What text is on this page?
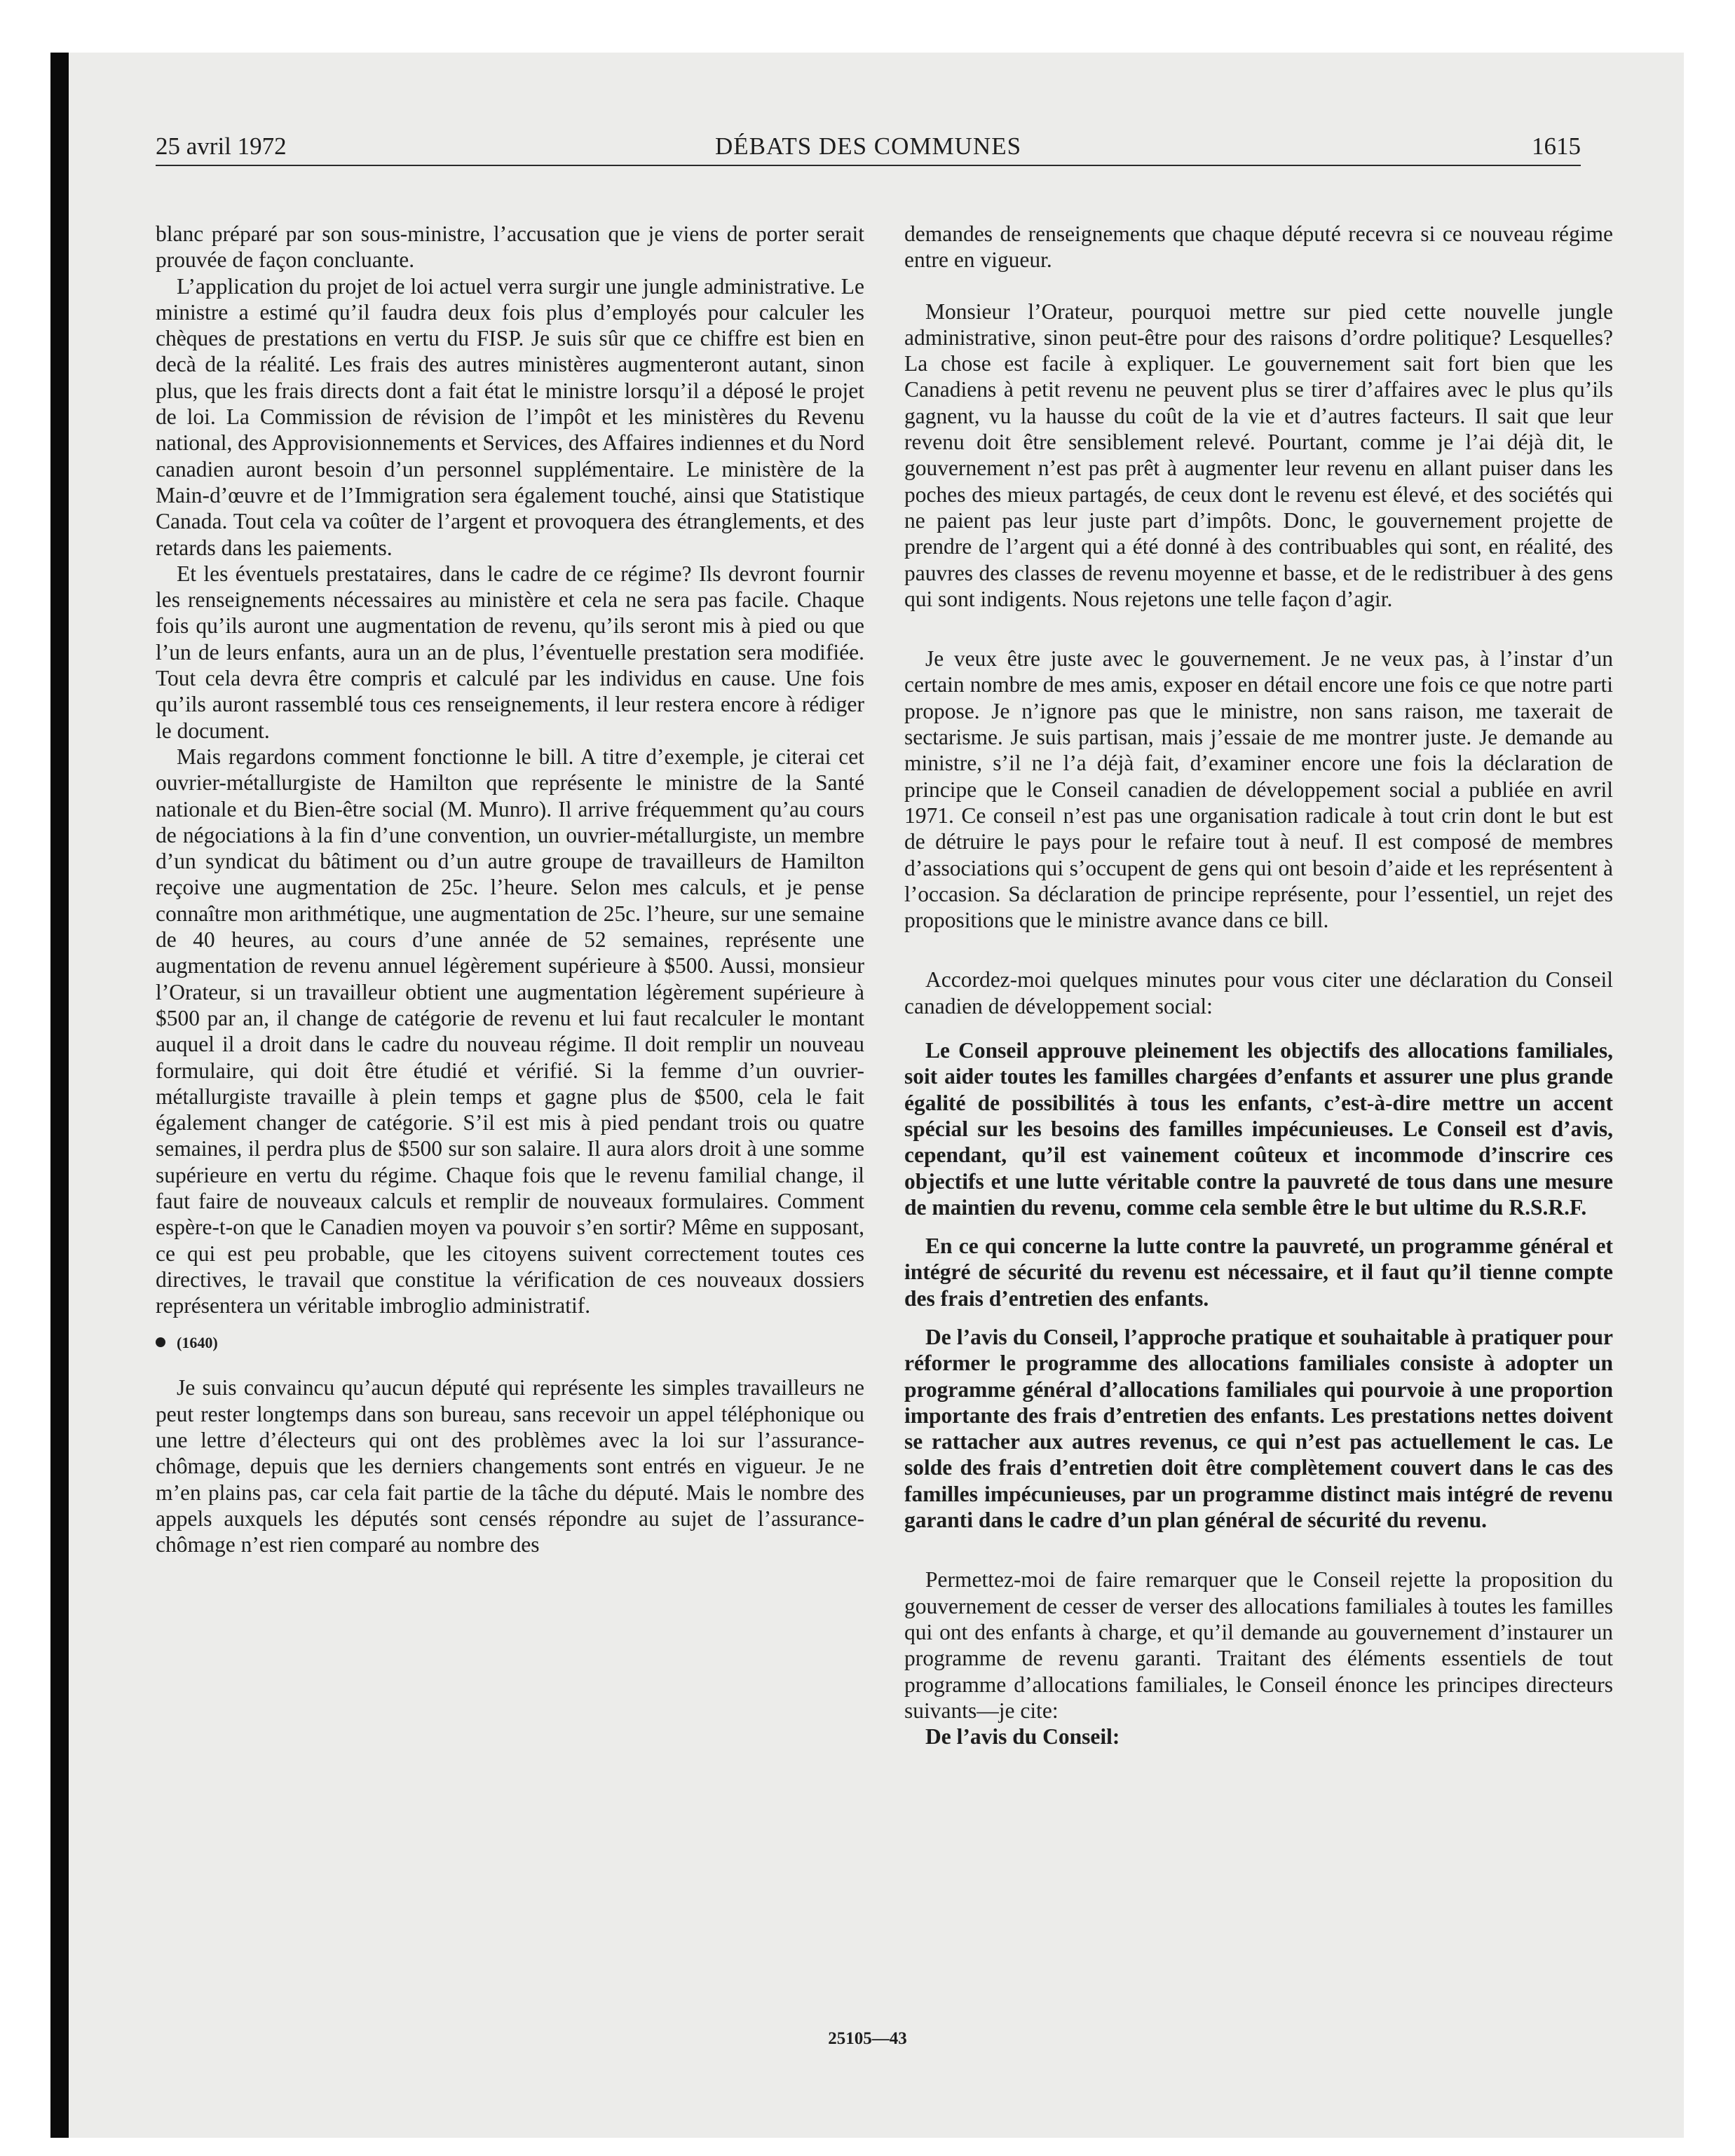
25 avril 1972	DÉBATS DES COMMUNES	1615

blanc préparé par son sous-ministre, l’accusation que je viens de porter serait prouvée de façon concluante.

L’application du projet de loi actuel verra surgir une jungle administrative. Le ministre a estimé qu’il faudra deux fois plus d’employés pour calculer les chèques de prestations en vertu du FISP. Je suis sûr que ce chiffre est bien en decà de la réalité. Les frais des autres ministères augmenteront autant, sinon plus, que les frais directs dont a fait état le ministre lorsqu’il a déposé le projet de loi. La Commission de révision de l’impôt et les ministères du Revenu national, des Approvisionnements et Services, des Affaires indiennes et du Nord canadien auront besoin d’un personnel supplémentaire. Le ministère de la Main-d’œuvre et de l’Immigration sera également touché, ainsi que Statistique Canada. Tout cela va coûter de l’argent et provoquera des étranglements, et des retards dans les paiements.

Et les éventuels prestataires, dans le cadre de ce régime? Ils devront fournir les renseignements nécessaires au ministère et cela ne sera pas facile. Chaque fois qu’ils auront une augmentation de revenu, qu’ils seront mis à pied ou que l’un de leurs enfants, aura un an de plus, l’éventuelle prestation sera modifiée. Tout cela devra être compris et calculé par les individus en cause. Une fois qu’ils auront rassemblé tous ces renseignements, il leur restera encore à rédiger le document.

Mais regardons comment fonctionne le bill. A titre d’exemple, je citerai cet ouvrier-métallurgiste de Hamilton que représente le ministre de la Santé nationale et du Bien-être social (M. Munro). Il arrive fréquemment qu’au cours de négociations à la fin d’une convention, un ouvrier-métallurgiste, un membre d’un syndicat du bâtiment ou d’un autre groupe de travailleurs de Hamilton reçoive une augmentation de 25c. l’heure. Selon mes calculs, et je pense connaître mon arithmétique, une augmentation de 25c. l’heure, sur une semaine de 40 heures, au cours d’une année de 52 semaines, représente une augmentation de revenu annuel légèrement supérieure à $500. Aussi, monsieur l’Orateur, si un travailleur obtient une augmentation légèrement supérieure à $500 par an, il change de catégorie de revenu et lui faut recalculer le montant auquel il a droit dans le cadre du nouveau régime. Il doit remplir un nouveau formulaire, qui doit être étudié et vérifié. Si la femme d’un ouvrier-métallurgiste travaille à plein temps et gagne plus de $500, cela le fait également changer de catégorie. S’il est mis à pied pendant trois ou quatre semaines, il perdra plus de $500 sur son salaire. Il aura alors droit à une somme supérieure en vertu du régime. Chaque fois que le revenu familial change, il faut faire de nouveaux calculs et remplir de nouveaux formulaires. Comment espère-t-on que le Canadien moyen va pouvoir s’en sortir? Même en supposant, ce qui est peu probable, que les citoyens suivent correctement toutes ces directives, le travail que constitue la vérification de ces nouveaux dossiers représentera un véritable imbroglio administratif.

(1640)

Je suis convaincu qu’aucun député qui représente les simples travailleurs ne peut rester longtemps dans son bureau, sans recevoir un appel téléphonique ou une lettre d’électeurs qui ont des problèmes avec la loi sur l’assurance-chômage, depuis que les derniers changements sont entrés en vigueur. Je ne m’en plains pas, car cela fait partie de la tâche du député. Mais le nombre des appels auxquels les députés sont censés répondre au sujet de l’assurance-chômage n’est rien comparé au nombre des

demandes de renseignements que chaque député recevra si ce nouveau régime entre en vigueur.

Monsieur l’Orateur, pourquoi mettre sur pied cette nouvelle jungle administrative, sinon peut-être pour des raisons d’ordre politique? Lesquelles? La chose est facile à expliquer. Le gouvernement sait fort bien que les Canadiens à petit revenu ne peuvent plus se tirer d’affaires avec le plus qu’ils gagnent, vu la hausse du coût de la vie et d’autres facteurs. Il sait que leur revenu doit être sensiblement relevé. Pourtant, comme je l’ai déjà dit, le gouvernement n’est pas prêt à augmenter leur revenu en allant puiser dans les poches des mieux partagés, de ceux dont le revenu est élevé, et des sociétés qui ne paient pas leur juste part d’impôts. Donc, le gouvernement projette de prendre de l’argent qui a été donné à des contribuables qui sont, en réalité, des pauvres des classes de revenu moyenne et basse, et de le redistribuer à des gens qui sont indigents. Nous rejetons une telle façon d’agir.

Je veux être juste avec le gouvernement. Je ne veux pas, à l’instar d’un certain nombre de mes amis, exposer en détail encore une fois ce que notre parti propose. Je n’ignore pas que le ministre, non sans raison, me taxerait de sectarisme. Je suis partisan, mais j’essaie de me montrer juste. Je demande au ministre, s’il ne l’a déjà fait, d’examiner encore une fois la déclaration de principe que le Conseil canadien de développement social a publiée en avril 1971. Ce conseil n’est pas une organisation radicale à tout crin dont le but est de détruire le pays pour le refaire tout à neuf. Il est composé de membres d’associations qui s’occupent de gens qui ont besoin d’aide et les représentent à l’occasion. Sa déclaration de principe représente, pour l’essentiel, un rejet des propositions que le ministre avance dans ce bill.

Accordez-moi quelques minutes pour vous citer une déclaration du Conseil canadien de développement social:

Le Conseil approuve pleinement les objectifs des allocations familiales, soit aider toutes les familles chargées d’enfants et assurer une plus grande égalité de possibilités à tous les enfants, c’est-à-dire mettre un accent spécial sur les besoins des familles impécunieuses. Le Conseil est d’avis, cependant, qu’il est vainement coûteux et incommode d’inscrire ces objectifs et une lutte véritable contre la pauvreté de tous dans une mesure de maintien du revenu, comme cela semble être le but ultime du R.S.R.F.

En ce qui concerne la lutte contre la pauvreté, un programme général et intégré de sécurité du revenu est nécessaire, et il faut qu’il tienne compte des frais d’entretien des enfants.

De l’avis du Conseil, l’approche pratique et souhaitable à pratiquer pour réformer le programme des allocations familiales consiste à adopter un programme général d’allocations familiales qui pourvoie à une proportion importante des frais d’entretien des enfants. Les prestations nettes doivent se rattacher aux autres revenus, ce qui n’est pas actuellement le cas. Le solde des frais d’entretien doit être complètement couvert dans le cas des familles impécunieuses, par un programme distinct mais intégré de revenu garanti dans le cadre d’un plan général de sécurité du revenu.

Permettez-moi de faire remarquer que le Conseil rejette la proposition du gouvernement de cesser de verser des allocations familiales à toutes les familles qui ont des enfants à charge, et qu’il demande au gouvernement d’instaurer un programme de revenu garanti. Traitant des éléments essentiels de tout programme d’allocations familiales, le Conseil énonce les principes directeurs suivants—je cite:

De l’avis du Conseil:

25105—43
